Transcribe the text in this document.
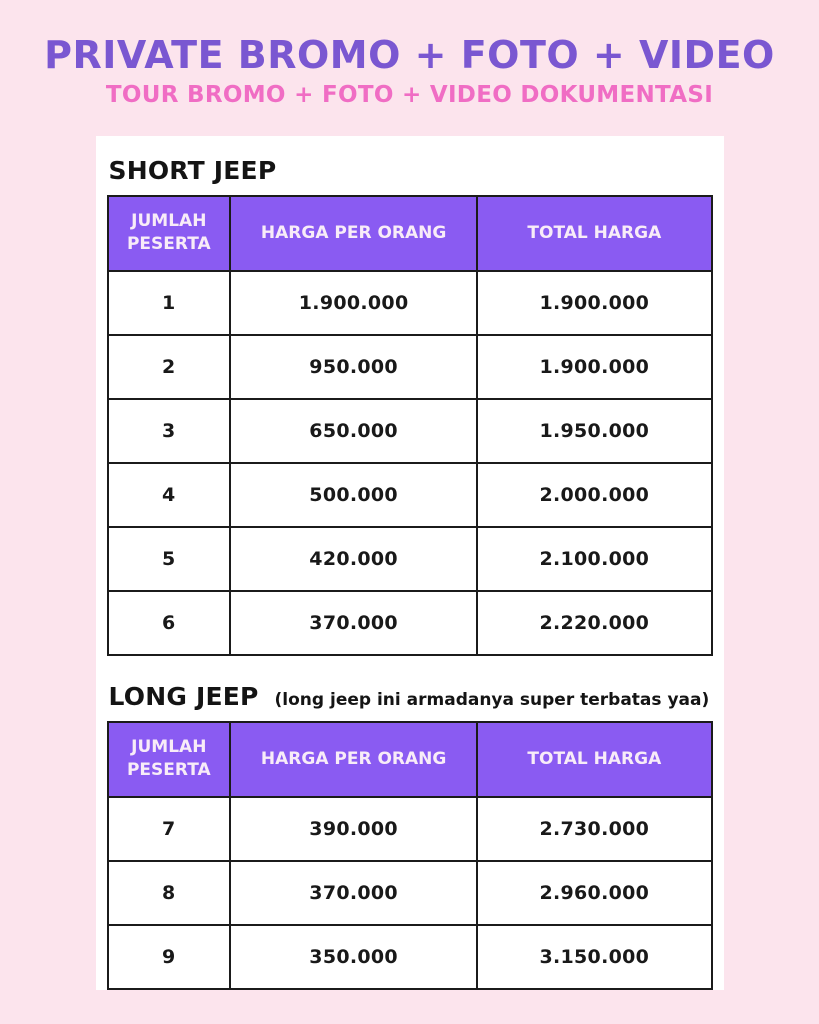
PRIVATE BROMO + FOTO + VIDEO
TOUR BROMO + FOTO + VIDEO DOKUMENTASI
SHORT JEEP
JUMLAH PESERTA	HARGA PER ORANG	TOTAL HARGA
1	1.900.000	1.900.000
2	950.000	1.900.000
3	650.000	1.950.000
4	500.000	2.000.000
5	420.000	2.100.000
6	370.000	2.220.000
LONG JEEP (long jeep ini armadanya super terbatas yaa)
JUMLAH PESERTA	HARGA PER ORANG	TOTAL HARGA
7	390.000	2.730.000
8	370.000	2.960.000
9	350.000	3.150.000
